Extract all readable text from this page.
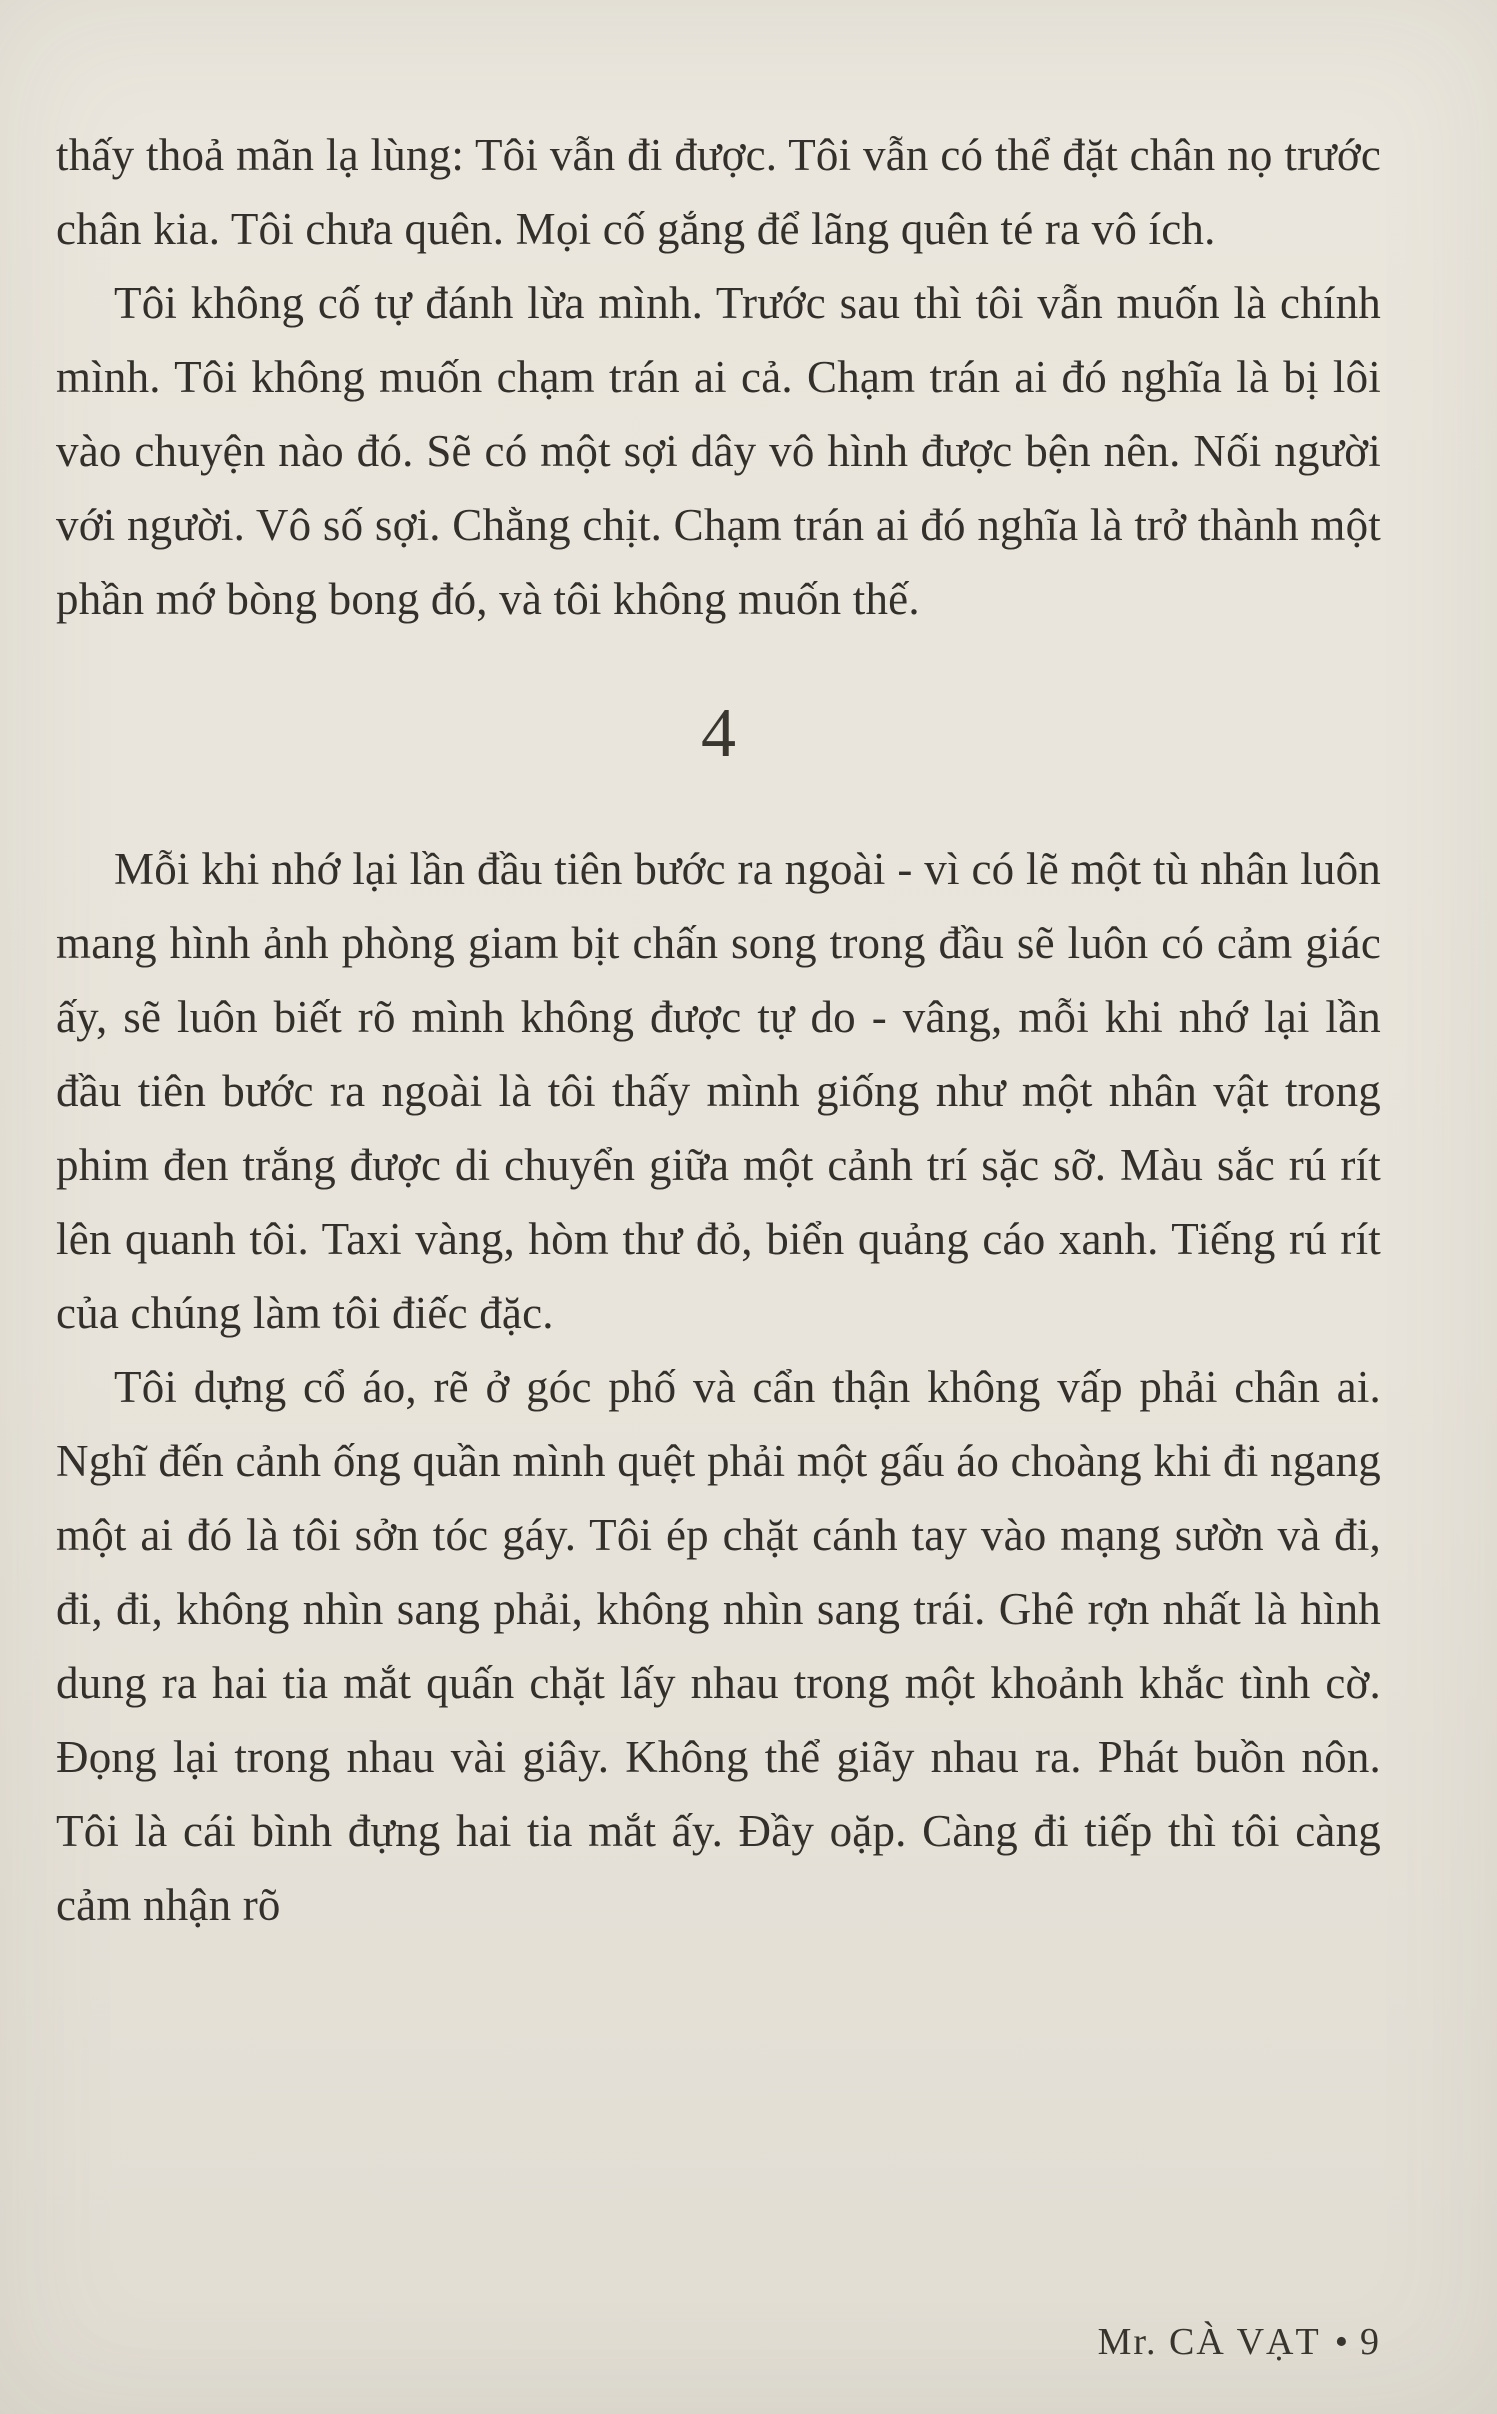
thấy thoả mãn lạ lùng: Tôi vẫn đi được. Tôi vẫn có thể đặt chân nọ trước chân kia. Tôi chưa quên. Mọi cố gắng để lãng quên té ra vô ích.

Tôi không cố tự đánh lừa mình. Trước sau thì tôi vẫn muốn là chính mình. Tôi không muốn chạm trán ai cả. Chạm trán ai đó nghĩa là bị lôi vào chuyện nào đó. Sẽ có một sợi dây vô hình được bện nên. Nối người với người. Vô số sợi. Chằng chịt. Chạm trán ai đó nghĩa là trở thành một phần mớ bòng bong đó, và tôi không muốn thế.

4

Mỗi khi nhớ lại lần đầu tiên bước ra ngoài - vì có lẽ một tù nhân luôn mang hình ảnh phòng giam bịt chấn song trong đầu sẽ luôn có cảm giác ấy, sẽ luôn biết rõ mình không được tự do - vâng, mỗi khi nhớ lại lần đầu tiên bước ra ngoài là tôi thấy mình giống như một nhân vật trong phim đen trắng được di chuyển giữa một cảnh trí sặc sỡ. Màu sắc rú rít lên quanh tôi. Taxi vàng, hòm thư đỏ, biển quảng cáo xanh. Tiếng rú rít của chúng làm tôi điếc đặc.

Tôi dựng cổ áo, rẽ ở góc phố và cẩn thận không vấp phải chân ai. Nghĩ đến cảnh ống quần mình quệt phải một gấu áo choàng khi đi ngang một ai đó là tôi sởn tóc gáy. Tôi ép chặt cánh tay vào mạng sườn và đi, đi, đi, không nhìn sang phải, không nhìn sang trái. Ghê rợn nhất là hình dung ra hai tia mắt quấn chặt lấy nhau trong một khoảnh khắc tình cờ. Đọng lại trong nhau vài giây. Không thể giãy nhau ra. Phát buồn nôn. Tôi là cái bình đựng hai tia mắt ấy. Đầy oặp. Càng đi tiếp thì tôi càng cảm nhận rõ

Mr. CÀ VẠT • 9
